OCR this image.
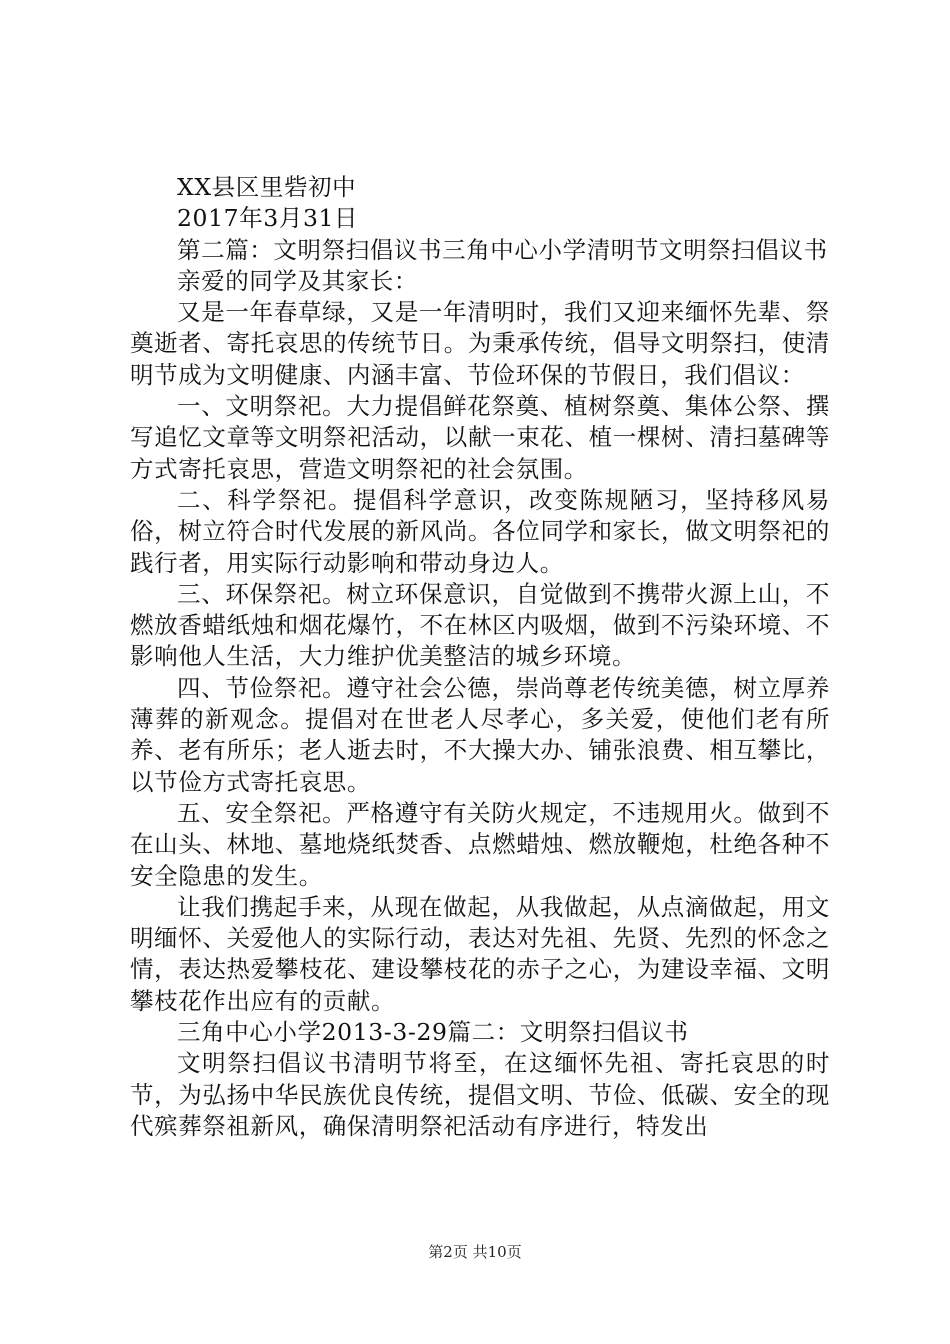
XX县区里砦初中

2017年3月31日

第二篇：文明祭扫倡议书三角中心小学清明节文明祭扫倡议书

亲爱的同学及其家长：

又是一年春草绿，又是一年清明时，我们又迎来缅怀先辈、祭奠逝者、寄托哀思的传统节日。为秉承传统，倡导文明祭扫，使清明节成为文明健康、内涵丰富、节俭环保的节假日，我们倡议：

一、文明祭祀。大力提倡鲜花祭奠、植树祭奠、集体公祭、撰写追忆文章等文明祭祀活动，以献一束花、植一棵树、清扫墓碑等方式寄托哀思，营造文明祭祀的社会氛围。

二、科学祭祀。提倡科学意识，改变陈规陋习，坚持移风易俗，树立符合时代发展的新风尚。各位同学和家长，做文明祭祀的践行者，用实际行动影响和带动身边人。

三、环保祭祀。树立环保意识，自觉做到不携带火源上山，不燃放香蜡纸烛和烟花爆竹，不在林区内吸烟，做到不污染环境、不影响他人生活，大力维护优美整洁的城乡环境。

四、节俭祭祀。遵守社会公德，崇尚尊老传统美德，树立厚养薄葬的新观念。提倡对在世老人尽孝心，多关爱，使他们老有所养、老有所乐；老人逝去时，不大操大办、铺张浪费、相互攀比，以节俭方式寄托哀思。

五、安全祭祀。严格遵守有关防火规定，不违规用火。做到不在山头、林地、墓地烧纸焚香、点燃蜡烛、燃放鞭炮，杜绝各种不安全隐患的发生。

让我们携起手来，从现在做起，从我做起，从点滴做起，用文明缅怀、关爱他人的实际行动，表达对先祖、先贤、先烈的怀念之情，表达热爱攀枝花、建设攀枝花的赤子之心，为建设幸福、文明攀枝花作出应有的贡献。

三角中心小学2013-3-29篇二：文明祭扫倡议书

文明祭扫倡议书清明节将至，在这缅怀先祖、寄托哀思的时节，为弘扬中华民族优良传统，提倡文明、节俭、低碳、安全的现代殡葬祭祖新风，确保清明祭祀活动有序进行，特发出

第2页 共10页
